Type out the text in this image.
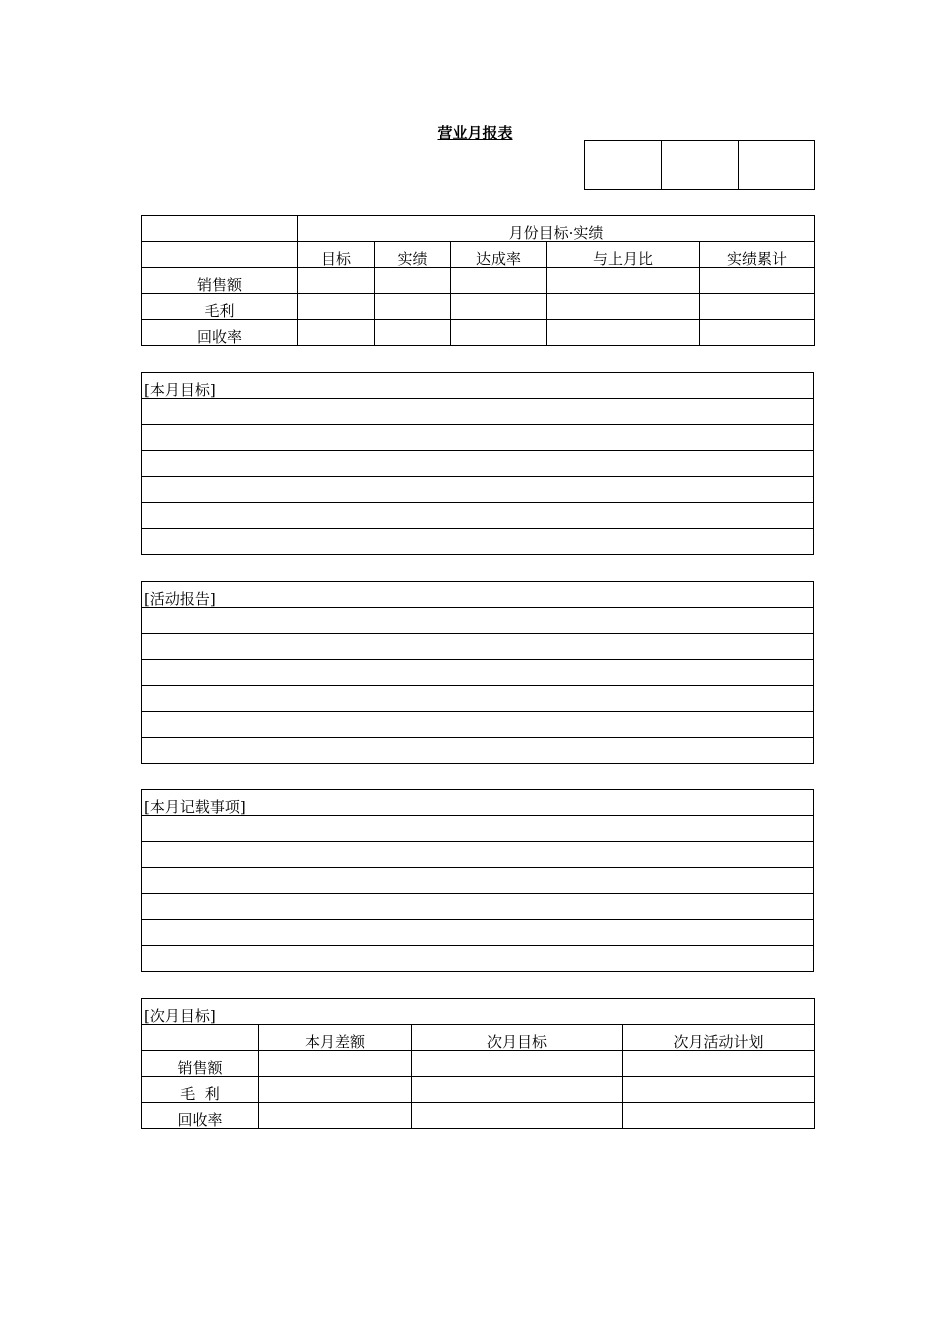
营业月报表

	月份目标·实绩				
	目标	实绩	达成率	与上月比	实绩累计
销售额					
毛利					
回收率					
[本月目标]

[活动报告]

[本月记载事项]

[次月目标]			
	本月差额	次月目标	次月活动计划
销售额			
毛  利			
回收率			
